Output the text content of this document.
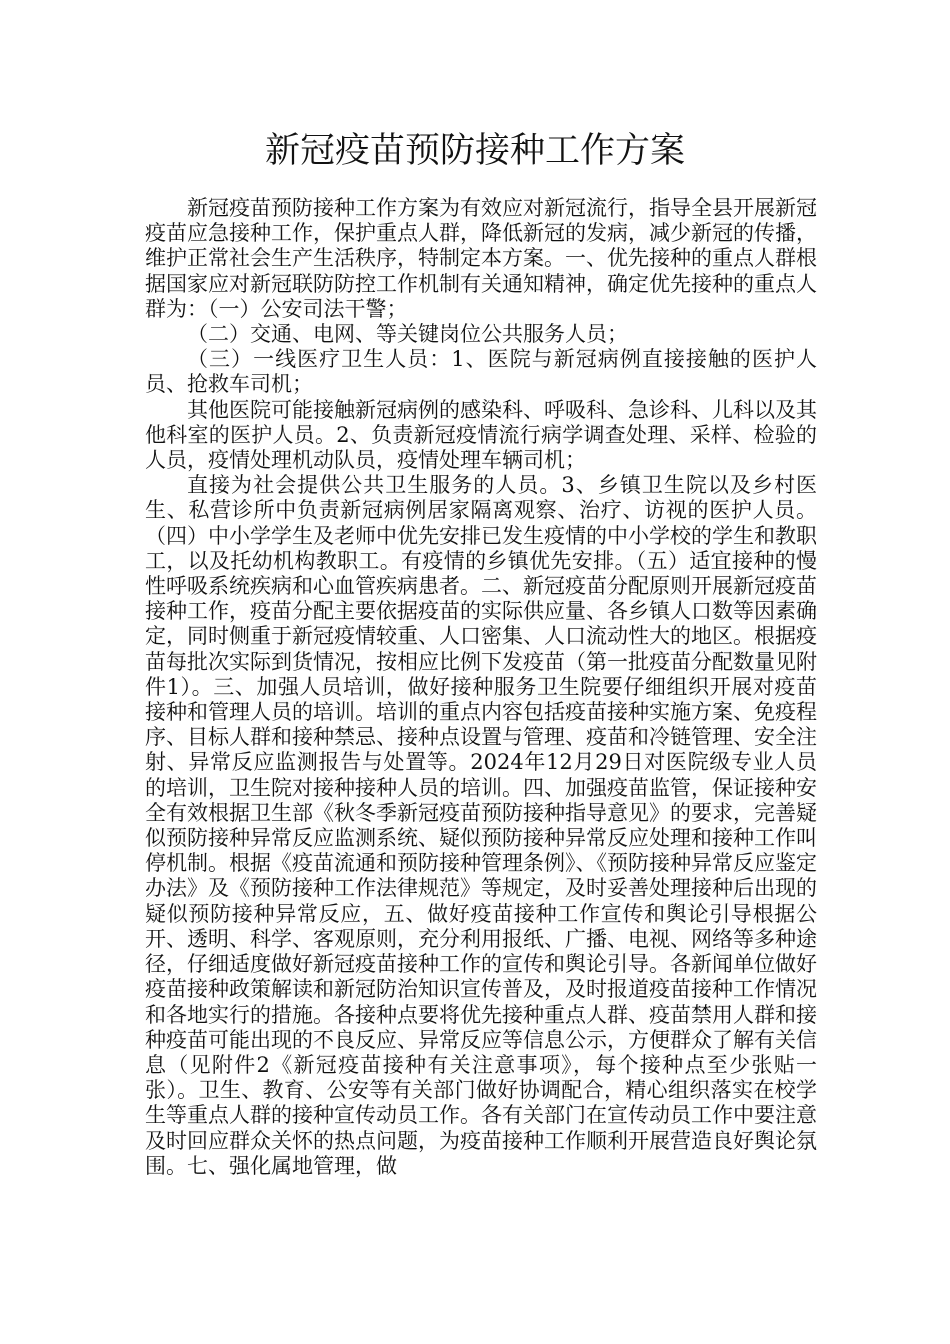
新冠疫苗预防接种工作方案

新冠疫苗预防接种工作方案为有效应对新冠流行，指导全县开展新冠疫苗应急接种工作，保护重点人群，降低新冠的发病，减少新冠的传播，维护正常社会生产生活秩序，特制定本方案。一、优先接种的重点人群根据国家应对新冠联防防控工作机制有关通知精神，确定优先接种的重点人群为：（一）公安司法干警；

（二）交通、电网、等关键岗位公共服务人员；

（三）一线医疗卫生人员：1、医院与新冠病例直接接触的医护人员、抢救车司机；

其他医院可能接触新冠病例的感染科、呼吸科、急诊科、儿科以及其他科室的医护人员。2、负责新冠疫情流行病学调查处理、采样、检验的人员，疫情处理机动队员，疫情处理车辆司机；

直接为社会提供公共卫生服务的人员。3、乡镇卫生院以及乡村医生、私营诊所中负责新冠病例居家隔离观察、治疗、访视的医护人员。（四）中小学学生及老师中优先安排已发生疫情的中小学校的学生和教职工，以及托幼机构教职工。有疫情的乡镇优先安排。（五）适宜接种的慢性呼吸系统疾病和心血管疾病患者。二、新冠疫苗分配原则开展新冠疫苗接种工作，疫苗分配主要依据疫苗的实际供应量、各乡镇人口数等因素确定，同时侧重于新冠疫情较重、人口密集、人口流动性大的地区。根据疫苗每批次实际到货情况，按相应比例下发疫苗（第一批疫苗分配数量见附件1）。三、加强人员培训，做好接种服务卫生院要仔细组织开展对疫苗接种和管理人员的培训。培训的重点内容包括疫苗接种实施方案、免疫程序、目标人群和接种禁忌、接种点设置与管理、疫苗和冷链管理、安全注射、异常反应监测报告与处置等。2024年12月29日对医院级专业人员的培训，卫生院对接种接种人员的培训。四、加强疫苗监管，保证接种安全有效根据卫生部《秋冬季新冠疫苗预防接种指导意见》的要求，完善疑似预防接种异常反应监测系统、疑似预防接种异常反应处理和接种工作叫停机制。根据《疫苗流通和预防接种管理条例》、《预防接种异常反应鉴定办法》及《预防接种工作法律规范》等规定，及时妥善处理接种后出现的疑似预防接种异常反应，五、做好疫苗接种工作宣传和舆论引导根据公开、透明、科学、客观原则，充分利用报纸、广播、电视、网络等多种途径，仔细适度做好新冠疫苗接种工作的宣传和舆论引导。各新闻单位做好疫苗接种政策解读和新冠防治知识宣传普及，及时报道疫苗接种工作情况和各地实行的措施。各接种点要将优先接种重点人群、疫苗禁用人群和接种疫苗可能出现的不良反应、异常反应等信息公示，方便群众了解有关信息（见附件2《新冠疫苗接种有关注意事项》，每个接种点至少张贴一张）。卫生、教育、公安等有关部门做好协调配合，精心组织落实在校学生等重点人群的接种宣传动员工作。各有关部门在宣传动员工作中要注意及时回应群众关怀的热点问题，为疫苗接种工作顺利开展营造良好舆论氛围。七、强化属地管理，做
